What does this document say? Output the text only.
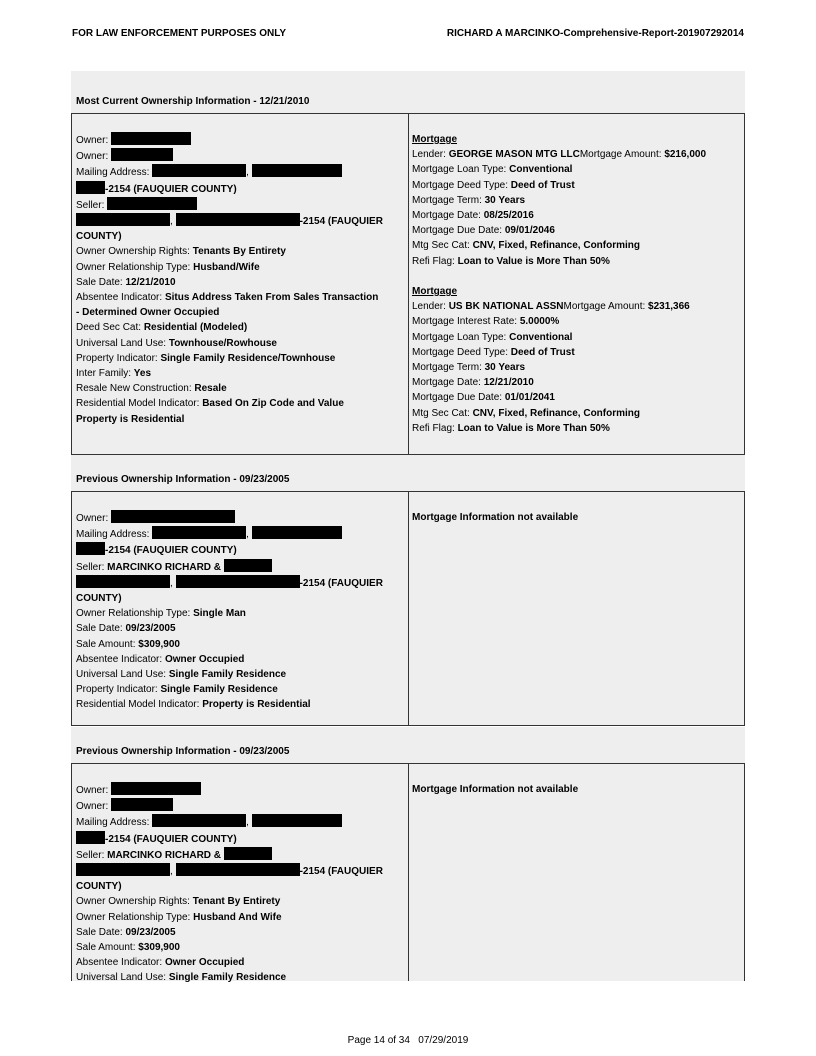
FOR LAW ENFORCEMENT PURPOSES ONLY	RICHARD A MARCINKO-Comprehensive-Report-201907292014
Most Current Ownership Information - 12/21/2010
Owner:
Owner:
Mailing Address:	,
-2154 (FAUQUIER COUNTY)
Seller:
,	-2154 (FAUQUIER
COUNTY)
Owner Ownership Rights: Tenants By Entirety
Owner Relationship Type: Husband/Wife
Sale Date: 12/21/2010
Absentee Indicator: Situs Address Taken From Sales Transaction
- Determined Owner Occupied
Deed Sec Cat: Residential (Modeled)
Universal Land Use: Townhouse/Rowhouse
Property Indicator: Single Family Residence/Townhouse
Inter Family: Yes
Resale New Construction: Resale
Residential Model Indicator: Based On Zip Code and Value
Property is Residential
Mortgage
Lender: GEORGE MASON MTG LLCMortgage Amount: $216,000
Mortgage Loan Type: Conventional
Mortgage Deed Type: Deed of Trust
Mortgage Term: 30 Years
Mortgage Date: 08/25/2016
Mortgage Due Date: 09/01/2046
Mtg Sec Cat: CNV, Fixed, Refinance, Conforming
Refi Flag: Loan to Value is More Than 50%

Mortgage
Lender: US BK NATIONAL ASSNMortgage Amount: $231,366
Mortgage Interest Rate: 5.0000%
Mortgage Loan Type: Conventional
Mortgage Deed Type: Deed of Trust
Mortgage Term: 30 Years
Mortgage Date: 12/21/2010
Mortgage Due Date: 01/01/2041
Mtg Sec Cat: CNV, Fixed, Refinance, Conforming
Refi Flag: Loan to Value is More Than 50%
Previous Ownership Information - 09/23/2005
Owner:
Mailing Address:	,
-2154 (FAUQUIER COUNTY)
Seller: MARCINKO RICHARD &
,	-2154 (FAUQUIER
COUNTY)
Owner Relationship Type: Single Man
Sale Date: 09/23/2005
Sale Amount: $309,900
Absentee Indicator: Owner Occupied
Universal Land Use: Single Family Residence
Property Indicator: Single Family Residence
Residential Model Indicator: Property is Residential
Mortgage Information not available
Previous Ownership Information - 09/23/2005
Owner:
Owner:
Mailing Address:	,
-2154 (FAUQUIER COUNTY)
Seller: MARCINKO RICHARD &
,	-2154 (FAUQUIER
COUNTY)
Owner Ownership Rights: Tenant By Entirety
Owner Relationship Type: Husband And Wife
Sale Date: 09/23/2005
Sale Amount: $309,900
Absentee Indicator: Owner Occupied
Universal Land Use: Single Family Residence
Mortgage Information not available
Page 14 of 34 07/29/2019
